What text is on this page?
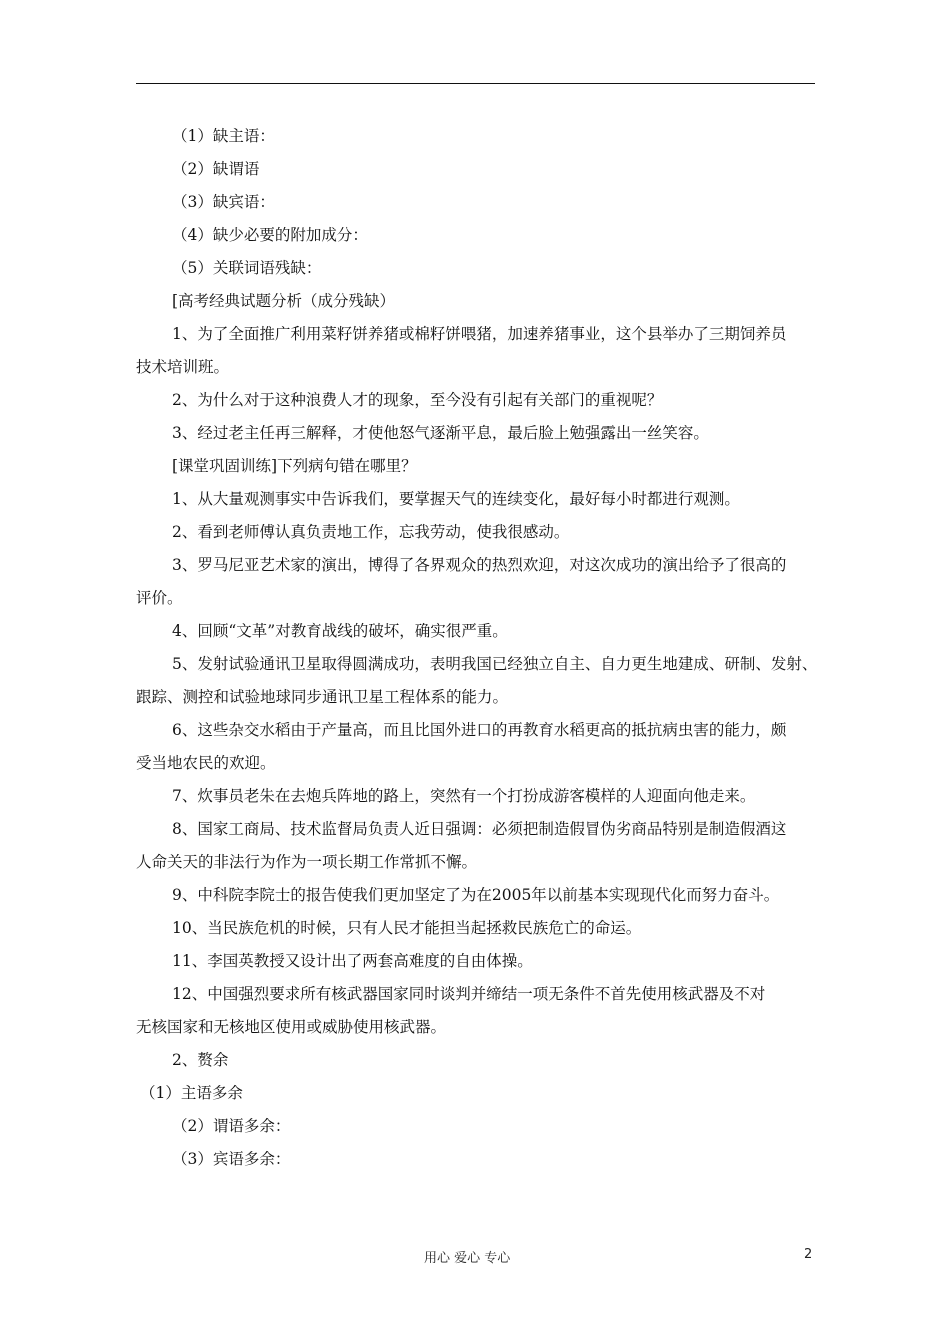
（1）缺主语：
（2）缺谓语
（3）缺宾语：
（4）缺少必要的附加成分：
（5）关联词语残缺：
[高考经典试题分析（成分残缺）
1、为了全面推广利用菜籽饼养猪或棉籽饼喂猪，加速养猪事业，这个县举办了三期饲养员
技术培训班。
2、为什么对于这种浪费人才的现象，至今没有引起有关部门的重视呢？
3、经过老主任再三解释，才使他怒气逐渐平息，最后脸上勉强露出一丝笑容。
[课堂巩固训练]下列病句错在哪里？
1、从大量观测事实中告诉我们，要掌握天气的连续变化，最好每小时都进行观测。
2、看到老师傅认真负责地工作，忘我劳动，使我很感动。
3、罗马尼亚艺术家的演出，博得了各界观众的热烈欢迎，对这次成功的演出给予了很高的
评价。
4、回顾“文革”对教育战线的破坏，确实很严重。
5、发射试验通讯卫星取得圆满成功，表明我国已经独立自主、自力更生地建成、研制、发射、
跟踪、测控和试验地球同步通讯卫星工程体系的能力。
6、这些杂交水稻由于产量高，而且比国外进口的再教育水稻更高的抵抗病虫害的能力，颇
受当地农民的欢迎。
7、炊事员老朱在去炮兵阵地的路上，突然有一个打扮成游客模样的人迎面向他走来。
8、国家工商局、技术监督局负责人近日强调：必须把制造假冒伪劣商品特别是制造假酒这
人命关天的非法行为作为一项长期工作常抓不懈。
9、中科院李院士的报告使我们更加坚定了为在2005年以前基本实现现代化而努力奋斗。
10、当民族危机的时候，只有人民才能担当起拯救民族危亡的命运。
11、李国英教授又设计出了两套高难度的自由体操。
12、中国强烈要求所有核武器国家同时谈判并缔结一项无条件不首先使用核武器及不对
无核国家和无核地区使用或威胁使用核武器。
2、赘余
（1）主语多余
（2）谓语多余：
（3）宾语多余：
用心 爱心 专心	2
